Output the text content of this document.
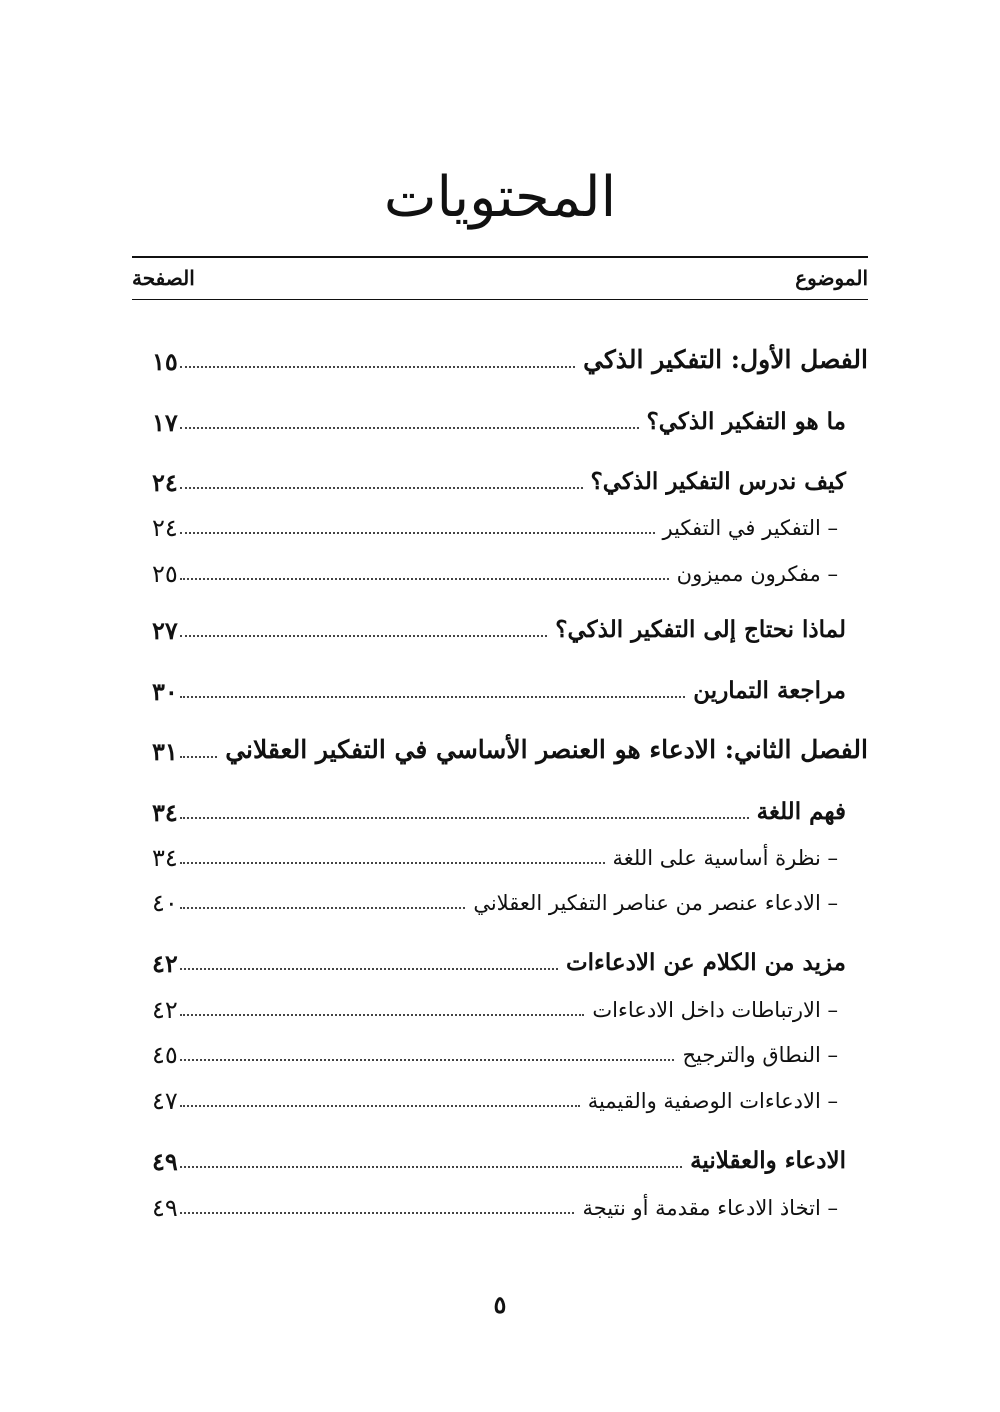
المحتويات
الموضوع
الصفحة
الفصل الأول: التفكير الذكي
١٥
ما هو التفكير الذكي؟
١٧
كيف ندرس التفكير الذكي؟
٢٤
– التفكير في التفكير
٢٤
– مفكرون مميزون
٢٥
لماذا نحتاج إلى التفكير الذكي؟
٢٧
مراجعة التمارين
٣٠
الفصل الثاني: الادعاء هو العنصر الأساسي في التفكير العقلاني
٣١
فهم اللغة
٣٤
– نظرة أساسية على اللغة
٣٤
– الادعاء عنصر من عناصر التفكير العقلاني
٤٠
مزيد من الكلام عن الادعاءات
٤٢
– الارتباطات داخل الادعاءات
٤٢
– النطاق والترجيح
٤٥
– الادعاءات الوصفية والقيمية
٤٧
الادعاء والعقلانية
٤٩
– اتخاذ الادعاء مقدمة أو نتيجة
٤٩
٥
